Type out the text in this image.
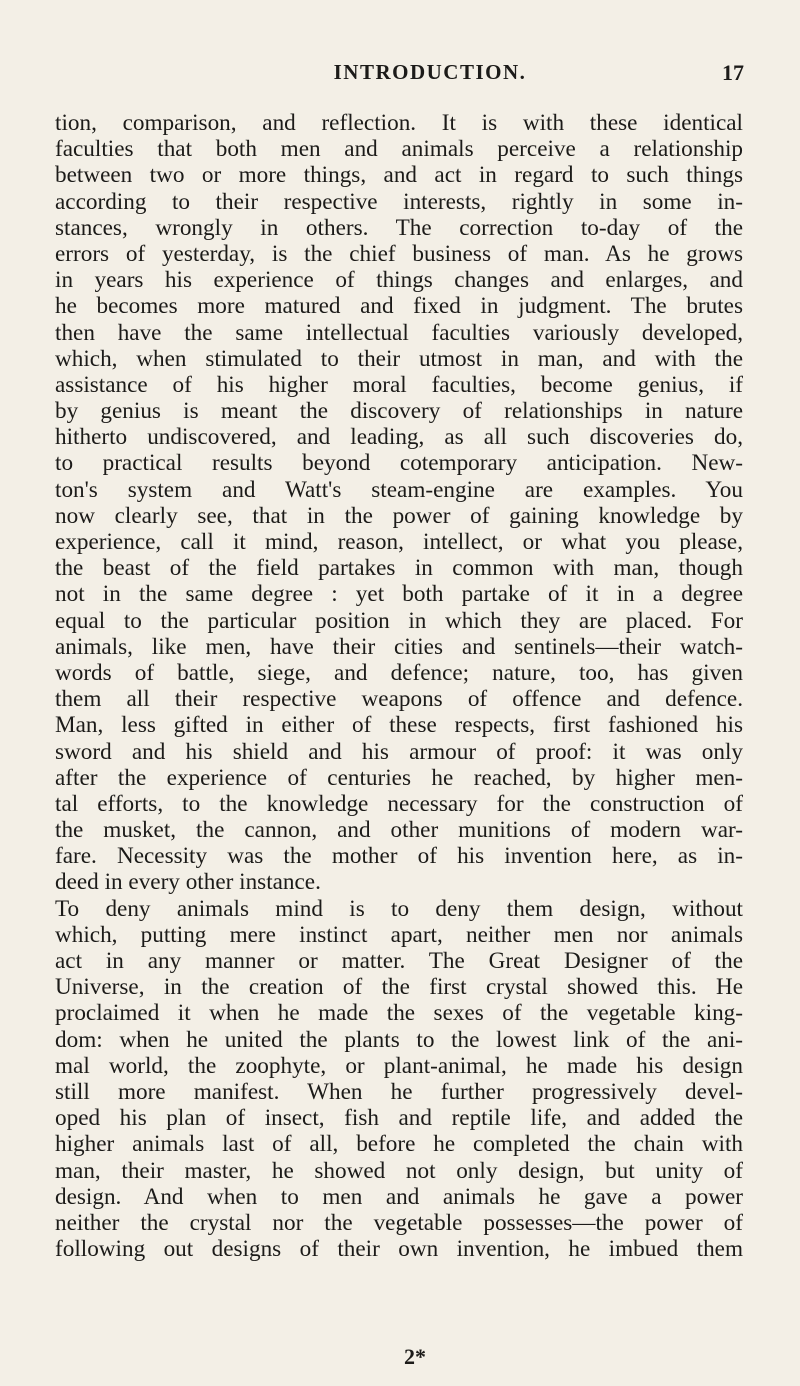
INTRODUCTION.	17
tion, comparison, and reflection. It is with these identical
faculties that both men and animals perceive a relationship
between two or more things, and act in regard to such things
according to their respective interests, rightly in some in-
stances, wrongly in others. The correction to-day of the
errors of yesterday, is the chief business of man. As he grows
in years his experience of things changes and enlarges, and
he becomes more matured and fixed in judgment. The brutes
then have the same intellectual faculties variously developed,
which, when stimulated to their utmost in man, and with the
assistance of his higher moral faculties, become genius, if
by genius is meant the discovery of relationships in nature
hitherto undiscovered, and leading, as all such discoveries do,
to practical results beyond cotemporary anticipation. New-
ton's system and Watt's steam-engine are examples. You
now clearly see, that in the power of gaining knowledge by
experience, call it mind, reason, intellect, or what you please,
the beast of the field partakes in common with man, though
not in the same degree : yet both partake of it in a degree
equal to the particular position in which they are placed. For
animals, like men, have their cities and sentinels—their watch-
words of battle, siege, and defence; nature, too, has given
them all their respective weapons of offence and defence.
Man, less gifted in either of these respects, first fashioned his
sword and his shield and his armour of proof: it was only
after the experience of centuries he reached, by higher men-
tal efforts, to the knowledge necessary for the construction of
the musket, the cannon, and other munitions of modern war-
fare. Necessity was the mother of his invention here, as in-
deed in every other instance.
To deny animals mind is to deny them design, without
which, putting mere instinct apart, neither men nor animals
act in any manner or matter. The Great Designer of the
Universe, in the creation of the first crystal showed this. He
proclaimed it when he made the sexes of the vegetable king-
dom: when he united the plants to the lowest link of the ani-
mal world, the zoophyte, or plant-animal, he made his design
still more manifest. When he further progressively devel-
oped his plan of insect, fish and reptile life, and added the
higher animals last of all, before he completed the chain with
man, their master, he showed not only design, but unity of
design. And when to men and animals he gave a power
neither the crystal nor the vegetable possesses—the power of
following out designs of their own invention, he imbued them
2*
